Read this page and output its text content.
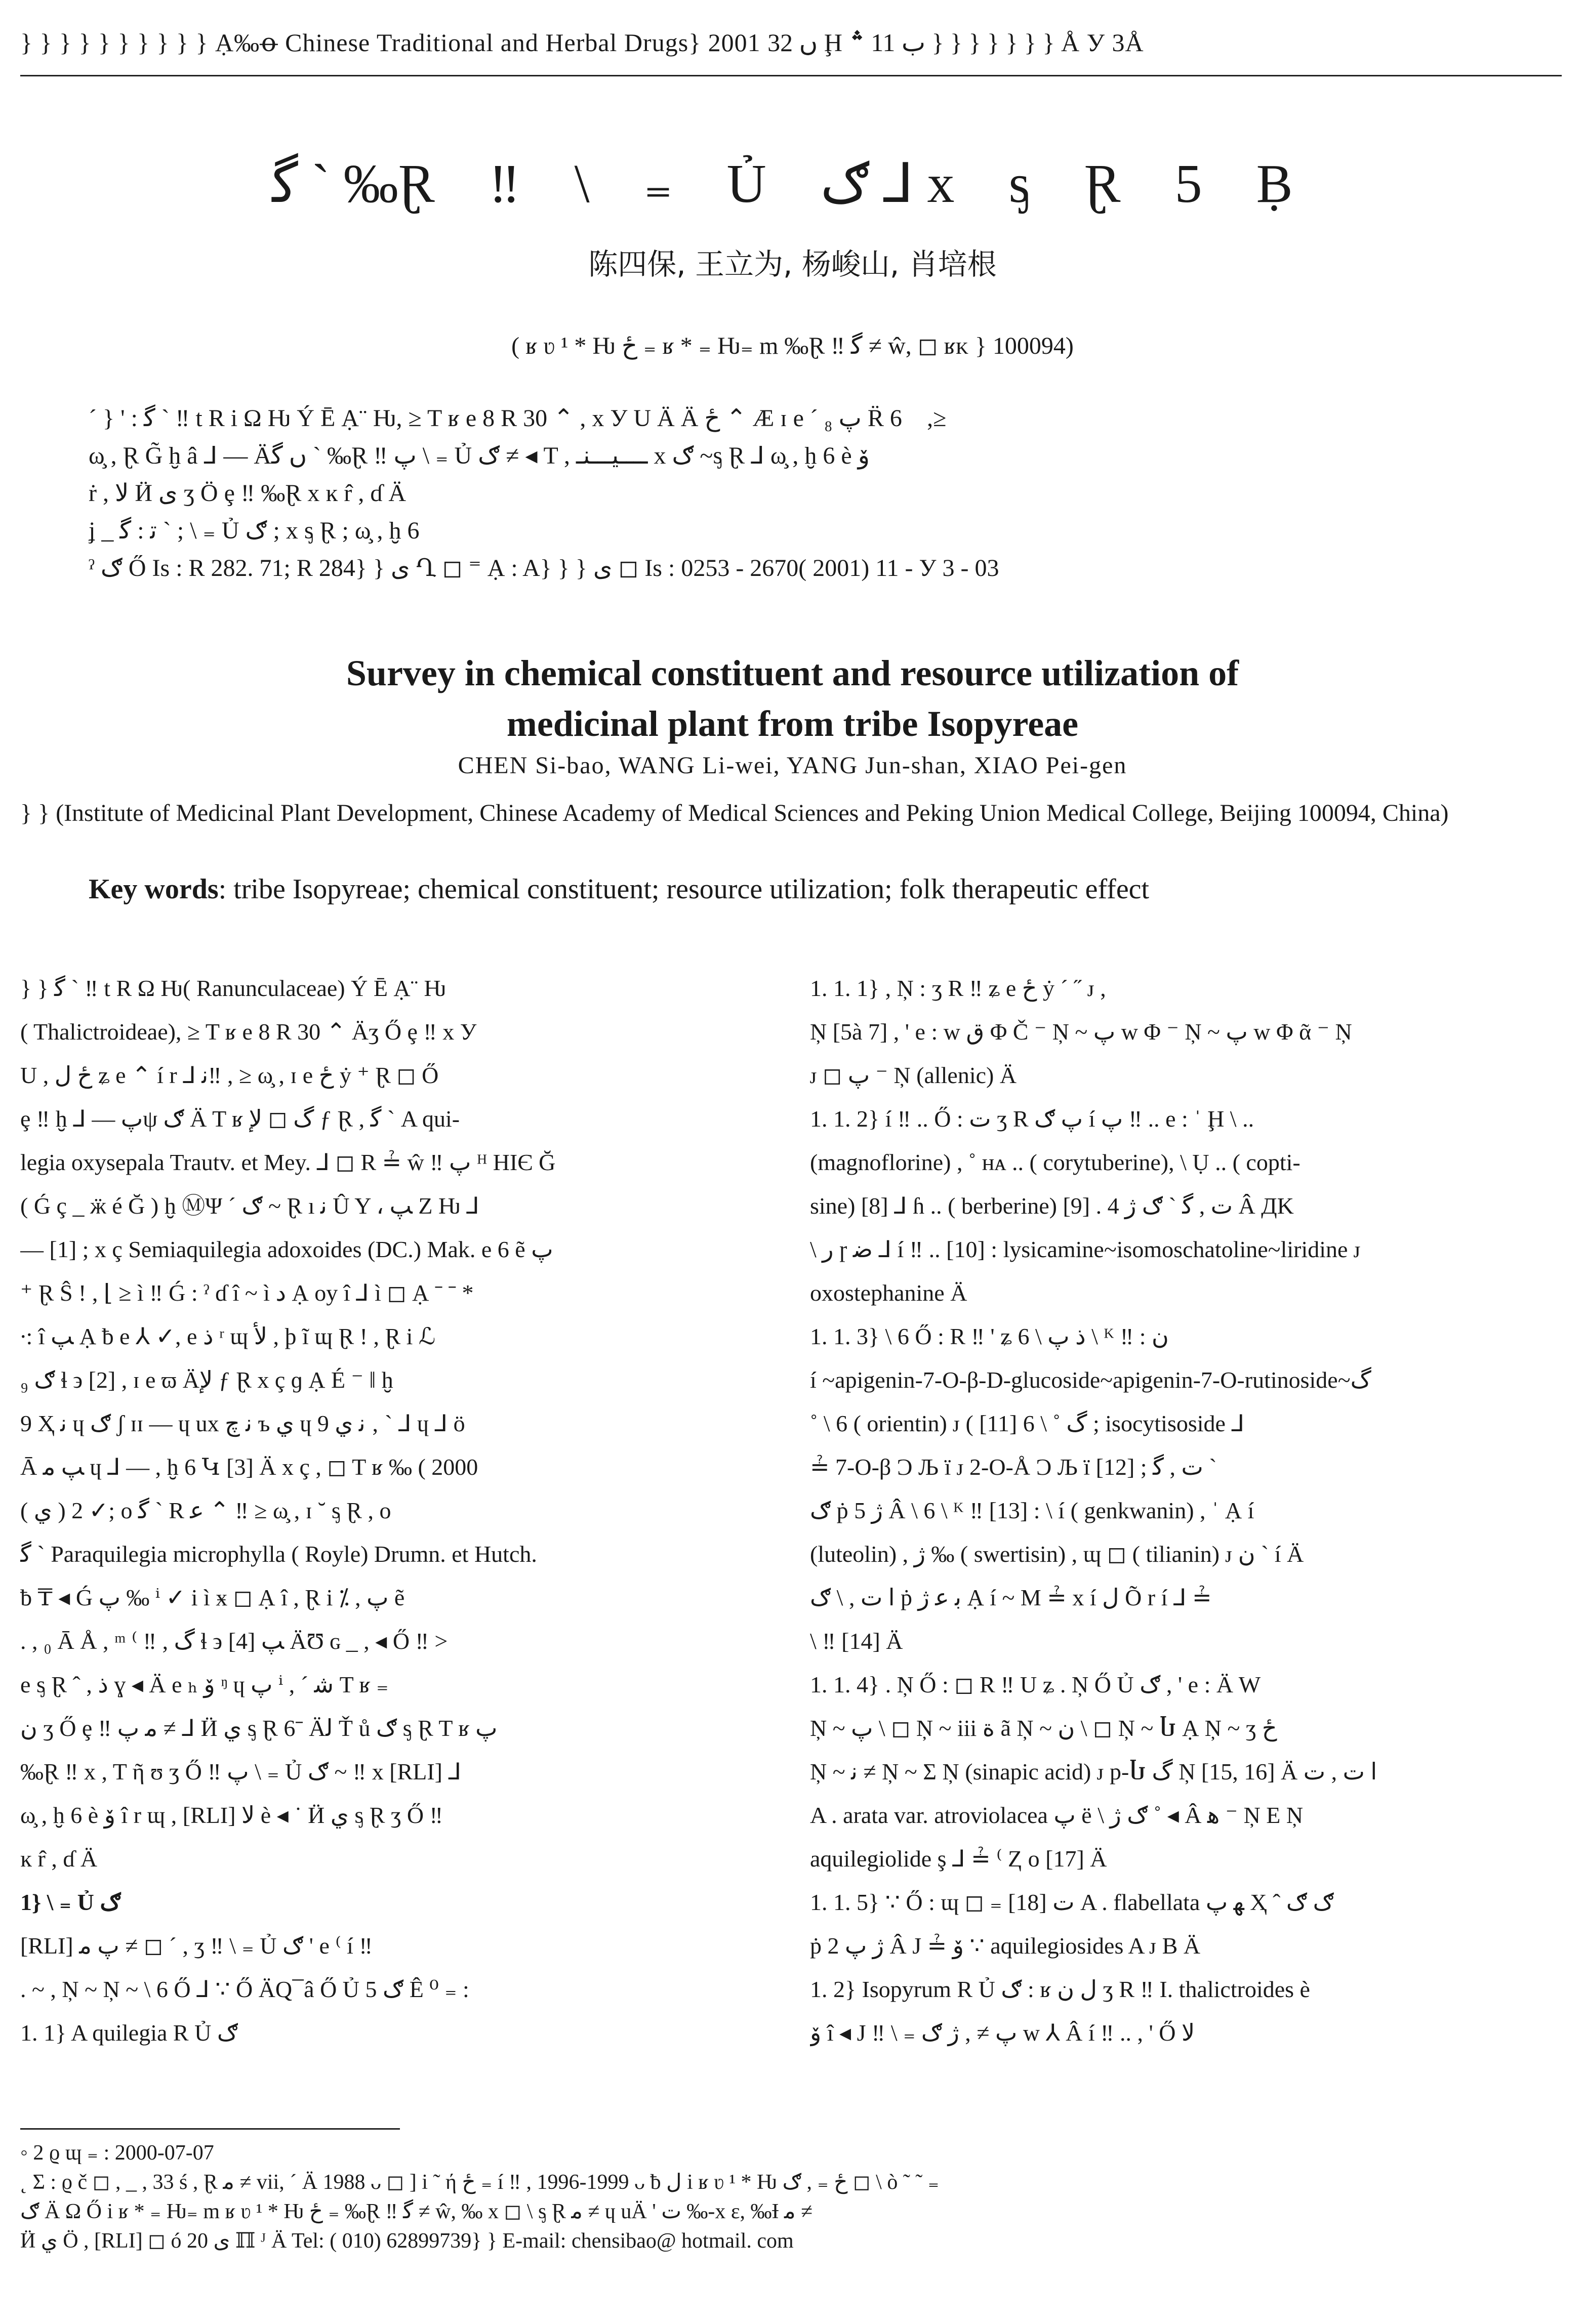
} } } } } } } } } } Ạ‰ꝋ Chinese Traditional and Herbal Drugs} 2001 ں 32 Ḩ ب 11 ؞ } } } } } } } Å У 3Å
ﮔ ` ‰Ɽ ‼ \ ₌ Ủ ګ ⅃ x ᶊ Ɽ 5 Ḅ
陈四保, 王立为, 杨峻山, 肖培根
( ʁ ʋ ¹ * Ƕ ځ ₌ ʁ * ₌ Ƕ₌ m ‰Ɽ ‼ ﮔ ≠ ŵ, ◻ ʁᴋ } 100094)

ˊ } ' : ﮔ ` ‼ t R i Ω Ƕ Ý Ē Ạ¨ Ƕ, ≥ T ʁ e 8 R 30 ⌃ , x У U Ä Ä ځ ⌃ Æ ɪ e ´ ₈ ﭖ R̈ 6ᷓ ,≥

ω̧ , Ɽ G̃ ḫ â ⅃ — Äں ﮔ ` ‰Ɽ ‼ ﭖ \ ₌ Ủ ګ ≠ ◂ T , ــــيـــنـ x ګ ~ᶊ Ɽ ⅃ ω̧ , ḫ 6 è ﯙ

ṙ , ﻻ Ӥ ى ʒ Ö ȩ ‼ ‰Ɽ x ĸ r̂ , ɗ Ä

ʝ _ ﺗ : ﮔ ` ; \ ₌ Ủ ګ ; x ᶊ Ɽ ; ω̧ , ḫ 6

ˀ ګ Ő Is : R 282. 71; R 284} } ى Ղ ◻ ⁼ Ạ : A} } } ى ◻ Is : 0253 - 2670( 2001) 11 - У 3 - 03

Survey in chemical constituent and resource utilization of
medicinal plant from tribe Isopyreae
CHEN Si-bao, WANG Li-wei, YANG Jun-shan, XIAO Pei-gen
} } (Institute of Medicinal Plant Development, Chinese Academy of Medical Sciences and Peking Union Medical College, Beijing 100094, China)
Key words: tribe Isopyreae; chemical constituent; resource utilization; folk therapeutic effect

} } ﮔ ` ‼ t R Ω Ƕ( Ranunculaceae) Ý Ē Ạ¨ Ƕ

( Thalictroideae), ≥ T ʁ e 8 R 30 ⌃ Äʒ Ő ȩ ‼ x У

U , ځ ل ʑ e ⌃ í r ⅃ ﻧ‼ , ≥ ω̧ , ɪ e ځ ẏ ⁺ Ɽ ◻ Ő

ȩ ‼ ḫ ⅃ — ﭖψ ګ Ä T ʁ گ ◻ ﻹ ƒ Ɽ , ﮔ ` A qui-

legia oxysepala Trautv. et Mey. ⅃ ◻ R ≟ ŵ ‼ ﭖ ᴴ HIЄ Ğ

( Ǵ ç _ ӝ é Ğ ) ḫ ⓂΨ ´ ګ ~ Ɽ ı ﻧ Û Y ، ﭗ Z Ƕ ⅃

— [1] ; x ç Semiaquilegia adoxoides (DC.) Mak. e 6 ẽ ﭖ

⁺ Ɽ Ŝ ! , ⌊ ≥ ì ‼ Ǵ : ˀ ɗ î ~ ì ﺩ Ạ oy î ⅃ ì ◻ Ạ ˉ ˉ *

∙: î ﭗ Ạ ƀ e ⅄ ✓, e ﺫ ʳ ɰ ﻷ , ϸ ĩ ɰ Ɽ ! , Ɽ i ℒ

₉ ګ ɬ ϶ [2] , ɪ e ϖ Äﻹ ƒ Ɽ x ç ɡ Ạ É ⁻ ‖ ḫ

9 Ҳ ﻧ ɥ ګ ʃ ɪɪ — ɥ ux ﻧ ﭺ ъ ي ɥ 9 ﻧ ي ‚ ` ⅃ ɥ ⅃ ö

Ā ﭗ ﻣ ɥ ⅃ — , ḫ 6 Կ [3] Ä x ç , ◻ T ʁ ‰ ( 2000

( ي ) 2 ✓; o ﮔ ` R ﻋ ⌃ ‼ ≥ ω̧ , ɪ ˘ ᶊ Ɽ , o

ﮔ ` Paraquilegia microphylla ( Royle) Drumn. et Hutch.

ƀ ₸ ◂ Ǵ ﭖ ‰ ⁱ ✓ i ì ӿ ◻ Ạ î , Ɽ i ⁒ , ﭖ ẽ

. , ₀ Ā Å , ᵐ ⁽ ‼ , گ ɬ ϶ ﭗ [4] ÄƱ ɢ _ , ◂ Ő ‼ >

e ᶊ Ɽ ˆ , ﺫ ɣ ◂ Ä e ₕ ﯙ ᵑ ɥ ﭖ ⁱ , ˊ ﺷ T ʁ ₌

ن ʒ Ő ȩ ‼ ﻣ ﭖ ≠ ⅃ Ӥ ي ᶊ Ɽ 6ˉ Äﻟ Ť ů ګ ᶊ Ɽ T ʁ ﭖ

‰Ɽ ‼ x , T ῆ ʊ ʒ Ő ‼ ﭖ \ ₌ Ủ ګ ~ ‼ x [RLI] ⅃

ω̧ , ḫ 6 è ﯙ î r ɰ , [RLI] ﻻ è ◂ ˙ Ӥ ي ᶊ Ɽ ʒ Ő ‼

ĸ r̂ , ɗ Ä

1} \ ₌ Ủ ګ

[RLI] ﭖ ﻣ ≠ ◻ ´ , ʒ ‼ \ ₌ Ủ ګ ' e ⁽ í ‼

. ~ , Ņ ~ Ņ ~ \ 6 Ő ⅃ ∵ Ő ÄQ ̅ â Ő Ủ ګ 5 Ê ⁰ ₌ :

1. 1} A quilegia R Ủ ګ

1. 1. 1} , Ņ : ʒ R ‼ ʑ e ځ ẏ ´ ˝ ᴊ ,

Ņ [5à 7] , ' e : w ق Φ Č ⁻ Ņ ~ ﭖ w Φ ⁻ Ņ ~ ﭖ w Φ ᾶ ⁻ Ņ

ᴊ ◻ ﭖ ⁻ Ņ (allenic) Ä

1. 1. 2} í ‼ .. Ő : ت ʒ R ﭖ ګ í ﭖ ‼ .. e : ˈ Ḩ \ ..

(magnoflorine) , ˚ ʜᴀ .. ( corytuberine), \ Ụ .. ( copti-

sine) [8] ⅃ ɦ .. ( berberine) [9] . ت , ﮔ ` ګ ژ 4 Â ДK

\ ر ɼ ﺿ ⅃ í ‼ .. [10] : lysicamine~isomoschatoline~liridine ᴊ

oxostephanine Ä

1. 1. 3} \ 6 Ő : R ‼ ' ʑ ﺫ ﭖ \ 6 \ ᴷ ‼ : ن

í ~apigenin-7-O-β-D-glucoside~apigenin-7-O-rutinoside~گ

˚ \ 6 ( orientin) ᴊ ( گ ˚ \ 6 [11] ; isocytisoside ⅃

≟ 7-O-β Ɔ Љ ï ᴊ 2-O-Å Ɔ Љ ï [12] ; ت , ﮔ `

ګ ṗ ژ 5 Â \ 6 \ ᴷ ‼ [13] : \ í ( genkwanin) , ˈ Ạ í

(luteolin) , ژ ‰ ( swertisin) , ɰ ◻ ( tilianin) ᴊ ن ` í Ä

ﺍ ﺕ , \ ګ ṗ ﺑ ﻋ ژ Ạ í ~ M ≟ x í ﻝ Õ r í ⅃ ≟

\ ‼ [14] Ä

1. 1. 4} . Ņ Ő : ◻ R ‼ U ʑ . Ņ Ő Ủ ګ , ' e : Ä W

Ņ ~ ﭖ \ ◻ Ņ ~ iii ﺓ ã Ņ ~ ن \ ◻ Ņ ~ Ⴑ Ạ Ņ ~ ʒ ځ

Ņ ~ ﻧ ≠ Ņ ~ Σ Ņ (sinapic acid) ᴊ p-Ⴑ گ Ņ [15, 16] Ä ﺍ ﺕ , ت

A . arata var. atroviolacea ﭖ ë \ ګ ژ ˚ ◂ Â ﮬ ⁻ Ņ E Ņ

aquilegiolide ş ⅃ ≟ ⁽ Ⱬ o [17] Ä

1. 1. 5} ∵ Ő : ɰ ◻ ₌ [18] ت A . flabellata ﻬ ﭖ Ҳ ˆ ګ ګ

ṗ ژ ﭖ 2 Â J ≟ ﯙ ∵ aquilegiosides A ᴊ B Ä

1. 2} Isopyrum R Ủ ګ : ʁ ﻝ ن ʒ R ‼ I. thalictroides è

ﯙ î ◂ J ‼ \ ₌ ﭖ ≠ , ژ ګ w ⅄ Â í ‼ .. , ' Ő ﻻ

◦ 2 ϱ ɰ ₌ : 2000-07-07

˛ Σ : ϱ č ◻ , _ , 33 ś , Ɽ ﻣ ≠ vii, ˊ Ä 1988 ᴗ ◻ ] i ˜ ή ځ ₌ í ‼ , 1996-1999 ᴗ ƀ ﻝ i ʁ ʋ ¹ * Ƕ ځ ₌ , ګ ◻ \ ò ˜ ˜ ₌

ګ Ä Ω Ő i ʁ * ₌ Ƕ₌ m ʁ ʋ ¹ * Ƕ ځ ₌ ‰Ɽ ‼ ﮔ ≠ ŵ, ‰ x ◻ \ ᶊ Ɽ ﻣ ≠ ɥ uÄ ' ت ‰-x ɛ, ‰Ɨ ﻣ ≠

Ӥ ي Ö , [RLI] ◻ ó ى 20 ℿ ᴶ Ä Tel: ( 010) 62899739} } E-mail: chensibao@ hotmail. com
